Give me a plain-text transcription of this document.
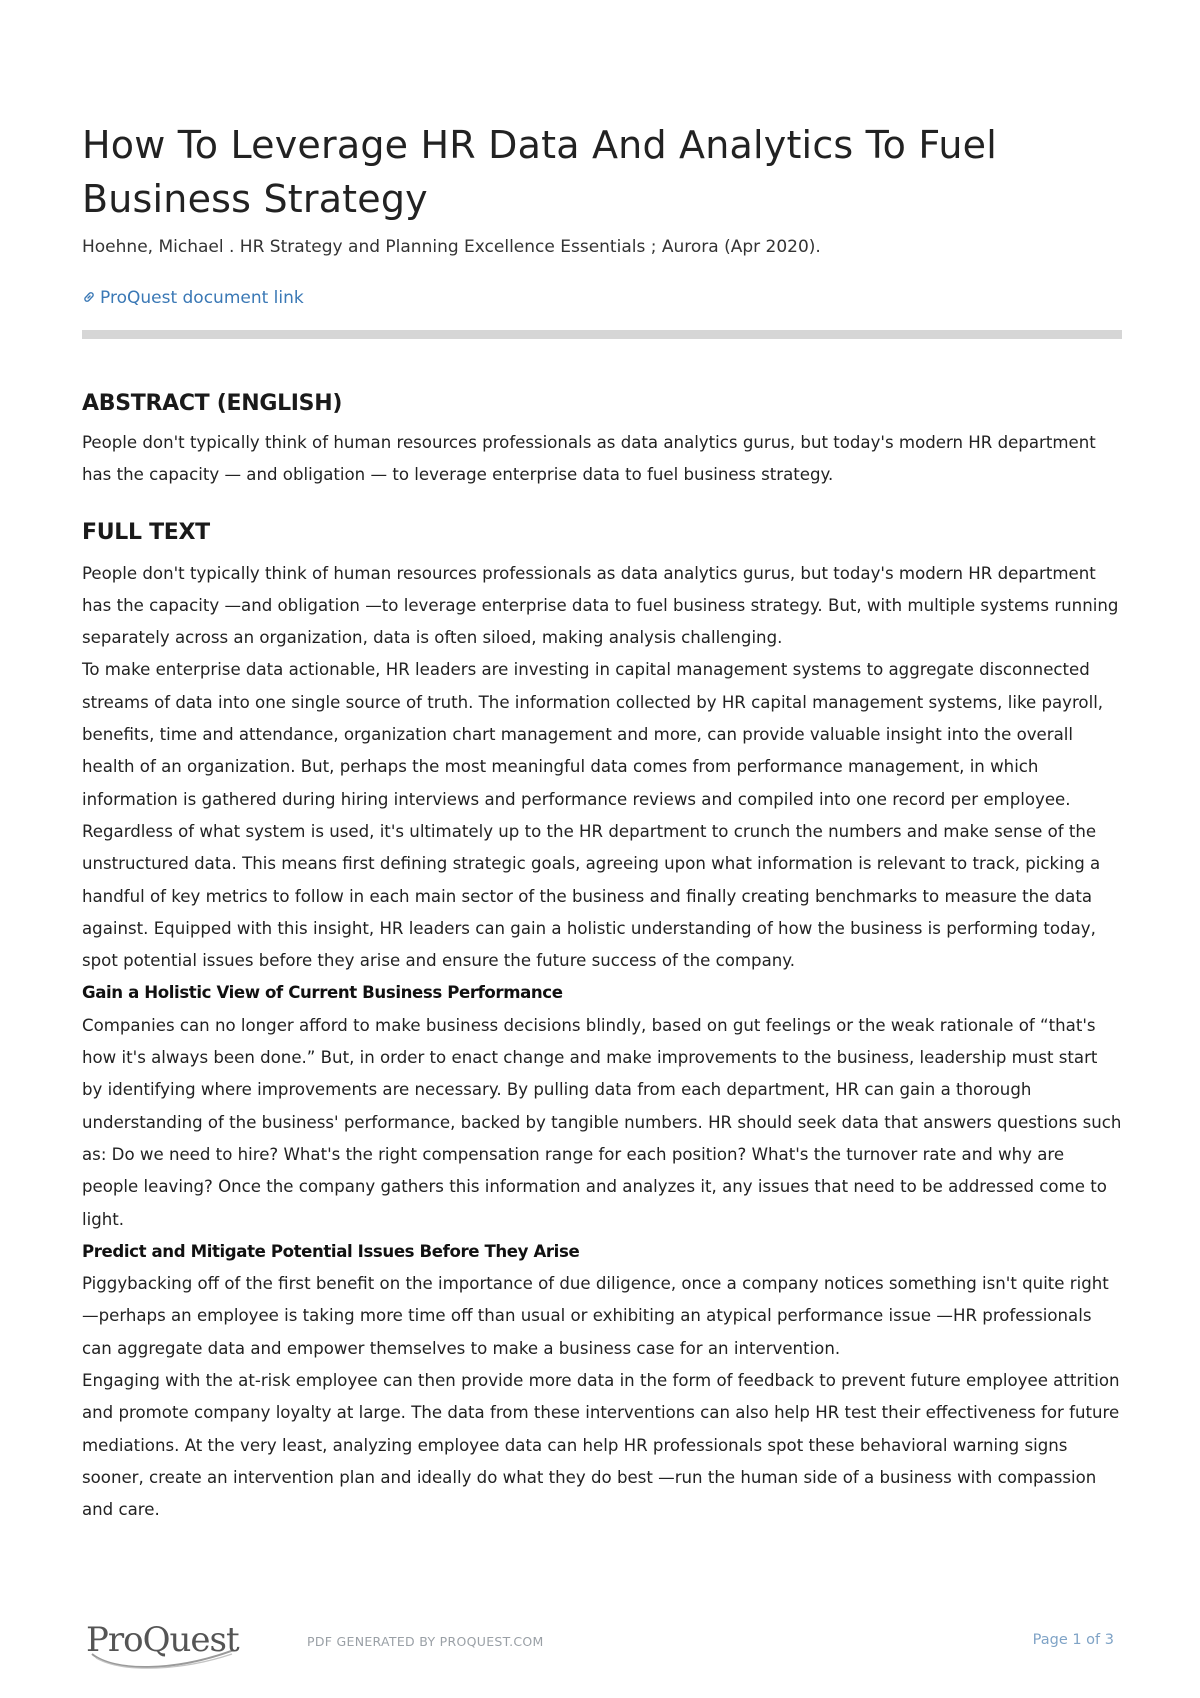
How To Leverage HR Data And Analytics To Fuel Business Strategy

Hoehne, Michael . HR Strategy and Planning Excellence Essentials ; Aurora (Apr 2020).

ProQuest document link
ABSTRACT (ENGLISH)

People don't typically think of human resources professionals as data analytics gurus, but today's modern HR department has the capacity — and obligation — to leverage enterprise data to fuel business strategy.

FULL TEXT

People don't typically think of human resources professionals as data analytics gurus, but today's modern HR department has the capacity —and obligation —to leverage enterprise data to fuel business strategy. But, with multiple systems running separately across an organization, data is often siloed, making analysis challenging.

To make enterprise data actionable, HR leaders are investing in capital management systems to aggregate disconnected streams of data into one single source of truth. The information collected by HR capital management systems, like payroll, benefits, time and attendance, organization chart management and more, can provide valuable insight into the overall health of an organization. But, perhaps the most meaningful data comes from performance management, in which information is gathered during hiring interviews and performance reviews and compiled into one record per employee.

Regardless of what system is used, it's ultimately up to the HR department to crunch the numbers and make sense of the unstructured data. This means first defining strategic goals, agreeing upon what information is relevant to track, picking a handful of key metrics to follow in each main sector of the business and finally creating benchmarks to measure the data against. Equipped with this insight, HR leaders can gain a holistic understanding of how the business is performing today, spot potential issues before they arise and ensure the future success of the company.

Gain a Holistic View of Current Business Performance

Companies can no longer afford to make business decisions blindly, based on gut feelings or the weak rationale of “that's how it's always been done.” But, in order to enact change and make improvements to the business, leadership must start by identifying where improvements are necessary. By pulling data from each department, HR can gain a thorough understanding of the business' performance, backed by tangible numbers. HR should seek data that answers questions such as: Do we need to hire? What's the right compensation range for each position? What's the turnover rate and why are people leaving? Once the company gathers this information and analyzes it, any issues that need to be addressed come to light.

Predict and Mitigate Potential Issues Before They Arise

Piggybacking off of the first benefit on the importance of due diligence, once a company notices something isn't quite right —perhaps an employee is taking more time off than usual or exhibiting an atypical performance issue —HR professionals can aggregate data and empower themselves to make a business case for an intervention.

Engaging with the at-risk employee can then provide more data in the form of feedback to prevent future employee attrition and promote company loyalty at large. The data from these interventions can also help HR test their effectiveness for future mediations. At the very least, analyzing employee data can help HR professionals spot these behavioral warning signs sooner, create an intervention plan and ideally do what they do best —run the human side of a business with compassion and care.

ProQuest	PDF GENERATED BY PROQUEST.COM	Page 1 of 3
